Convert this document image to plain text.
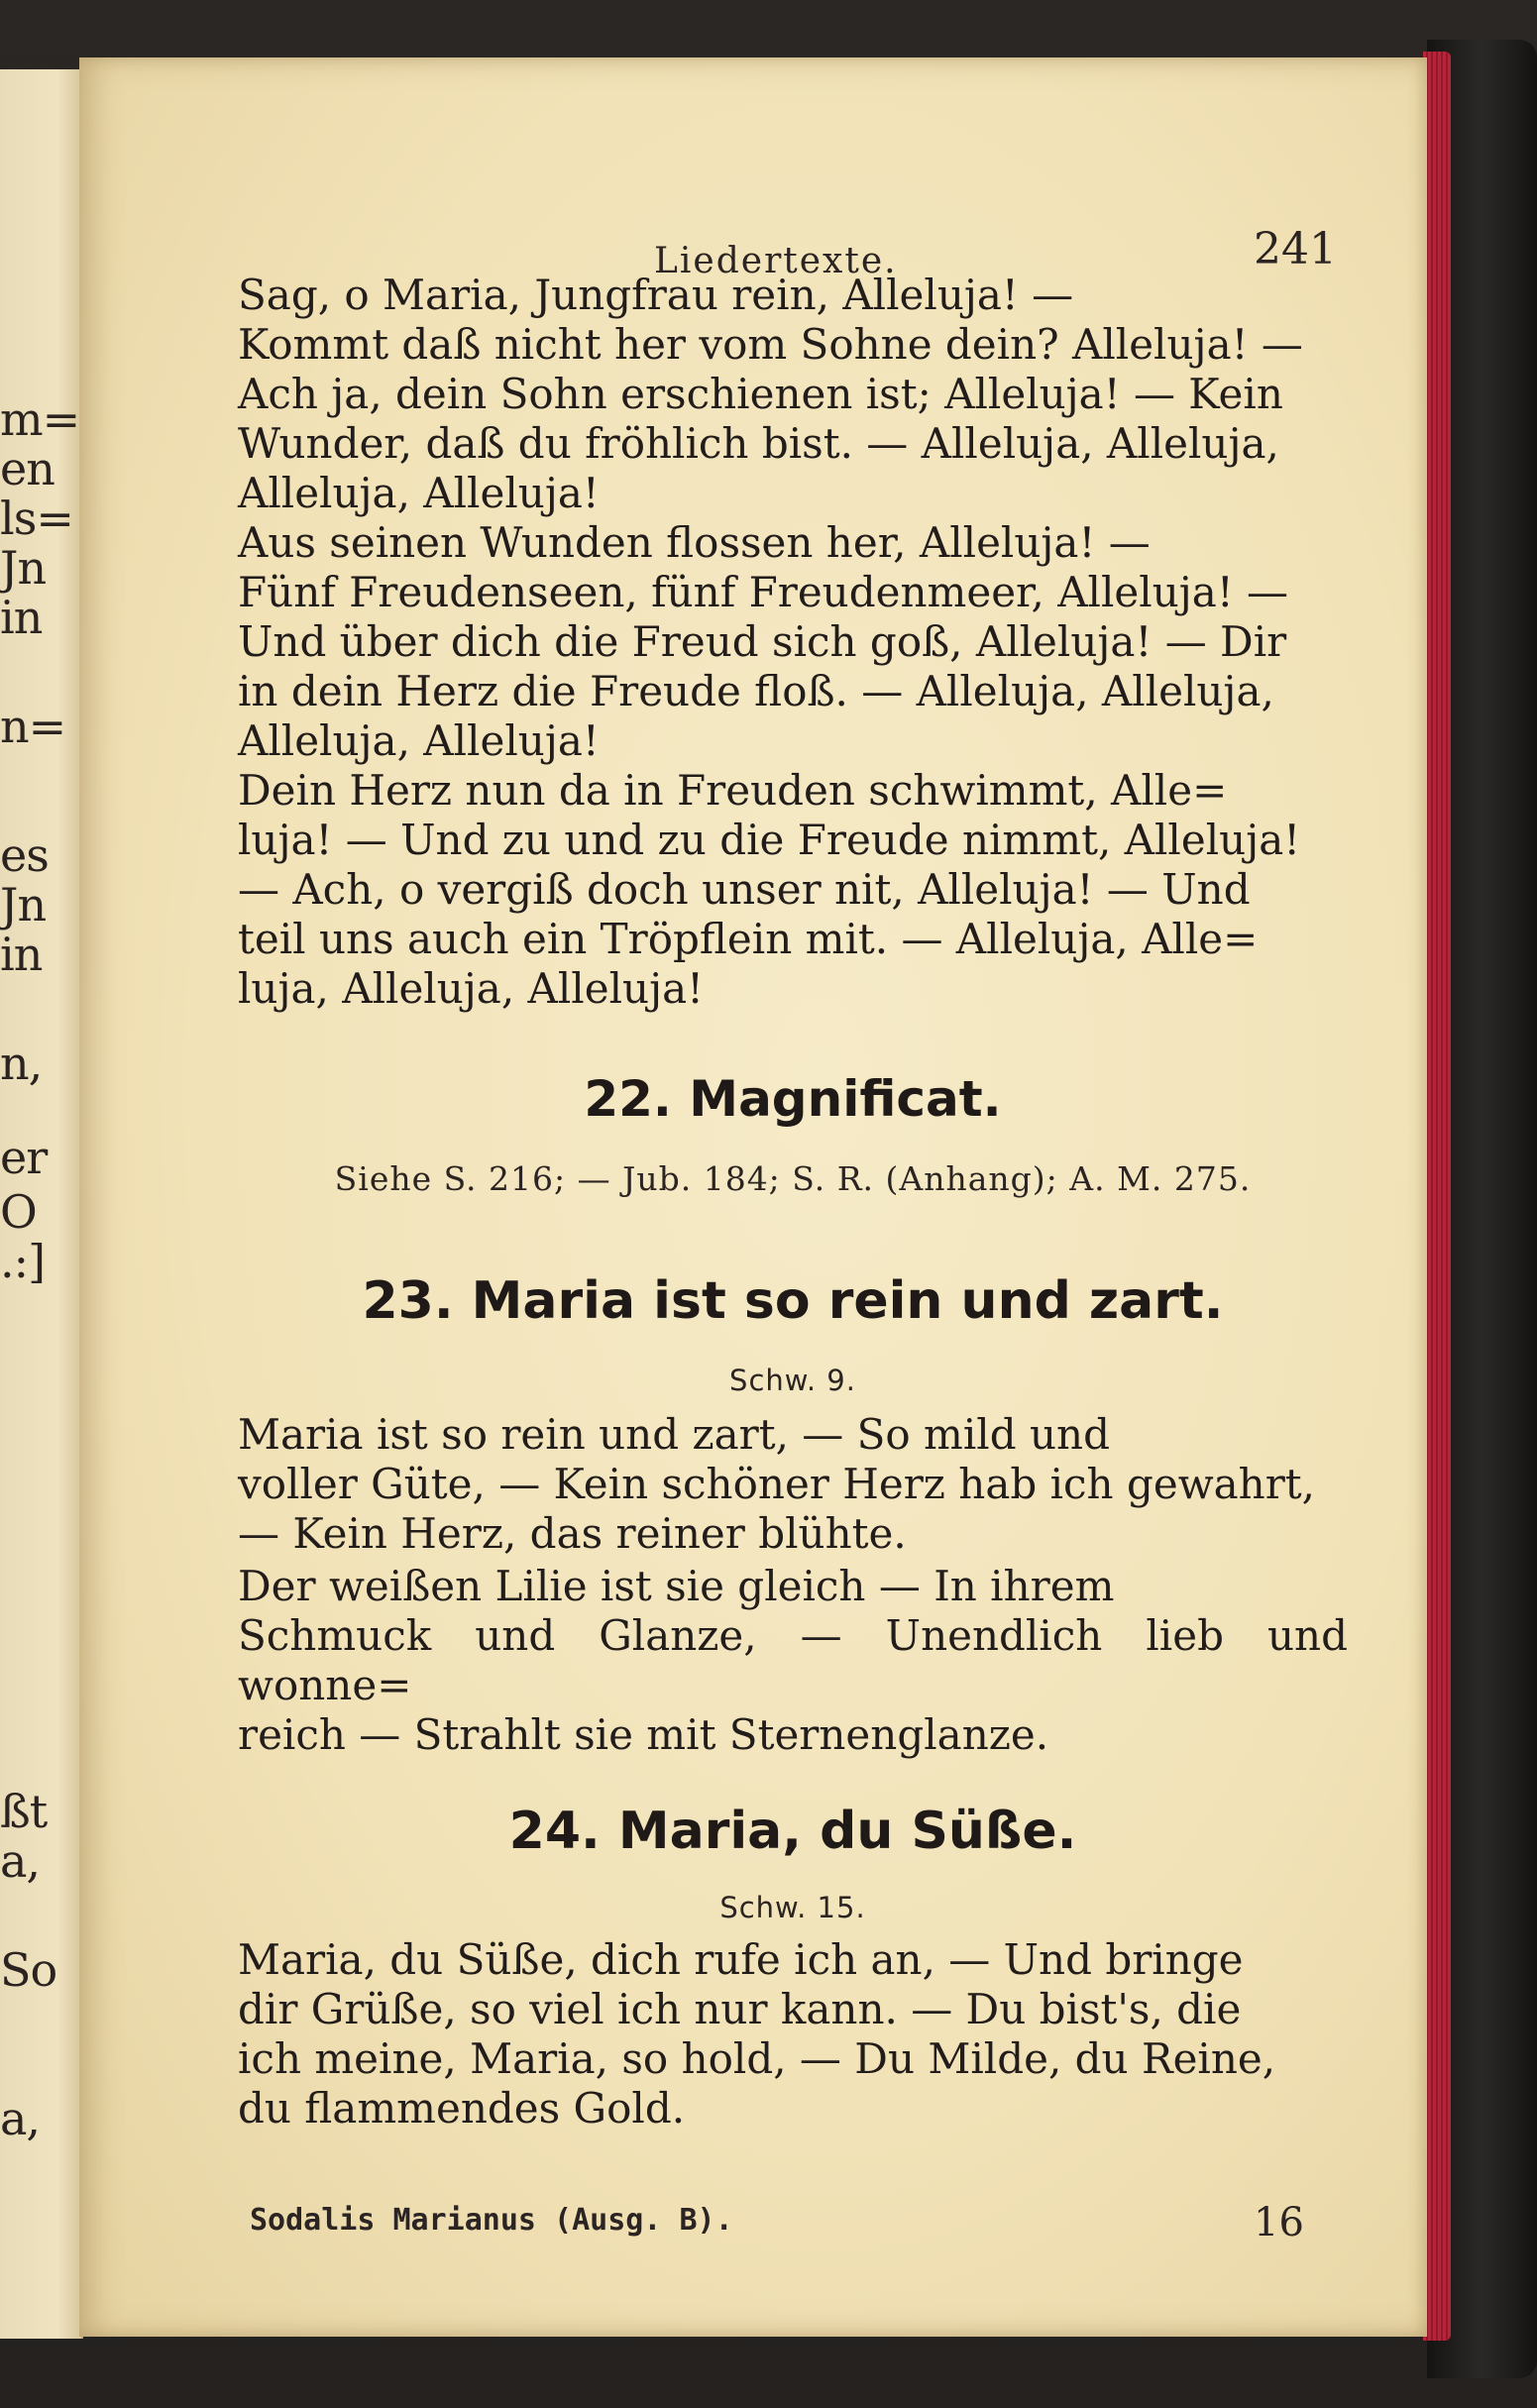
m=
en
ls=
Jn
in
n=
es
Jn
in
n,
er
O
.:]
ßt
a,
So
a,
Liedertexte.	241

Sag, o Maria, Jungfrau rein, Alleluja! —
Kommt daß nicht her vom Sohne dein? Alleluja! —
Ach ja, dein Sohn erschienen ist; Alleluja! — Kein
Wunder, daß du fröhlich bist. — Alleluja, Alleluja,
Alleluja, Alleluja!

Aus seinen Wunden flossen her, Alleluja! —
Fünf Freudenseen, fünf Freudenmeer, Alleluja! —
Und über dich die Freud sich goß, Alleluja! — Dir
in dein Herz die Freude floß. — Alleluja, Alleluja,
Alleluja, Alleluja!

Dein Herz nun da in Freuden schwimmt, Alle=
luja! — Und zu und zu die Freude nimmt, Alleluja!
— Ach, o vergiß doch unser nit, Alleluja! — Und
teil uns auch ein Tröpflein mit. — Alleluja, Alle=
luja, Alleluja, Alleluja!

22. Magnificat.
Siehe S. 216; — Jub. 184; S. R. (Anhang); A. M. 275.
23. Maria ist so rein und zart.
Schw. 9.

Maria ist so rein und zart, — So mild und
voller Güte, — Kein schöner Herz hab ich gewahrt,
— Kein Herz, das reiner blühte.

Der weißen Lilie ist sie gleich — In ihrem
Schmuck und Glanze, — Unendlich lieb und wonne=
reich — Strahlt sie mit Sternenglanze.

24. Maria, du Süße.
Schw. 15.

Maria, du Süße, dich rufe ich an, — Und bringe
dir Grüße, so viel ich nur kann. — Du bist's, die
ich meine, Maria, so hold, — Du Milde, du Reine,
du flammendes Gold.

Sodalis Marianus (Ausg. B).	16
